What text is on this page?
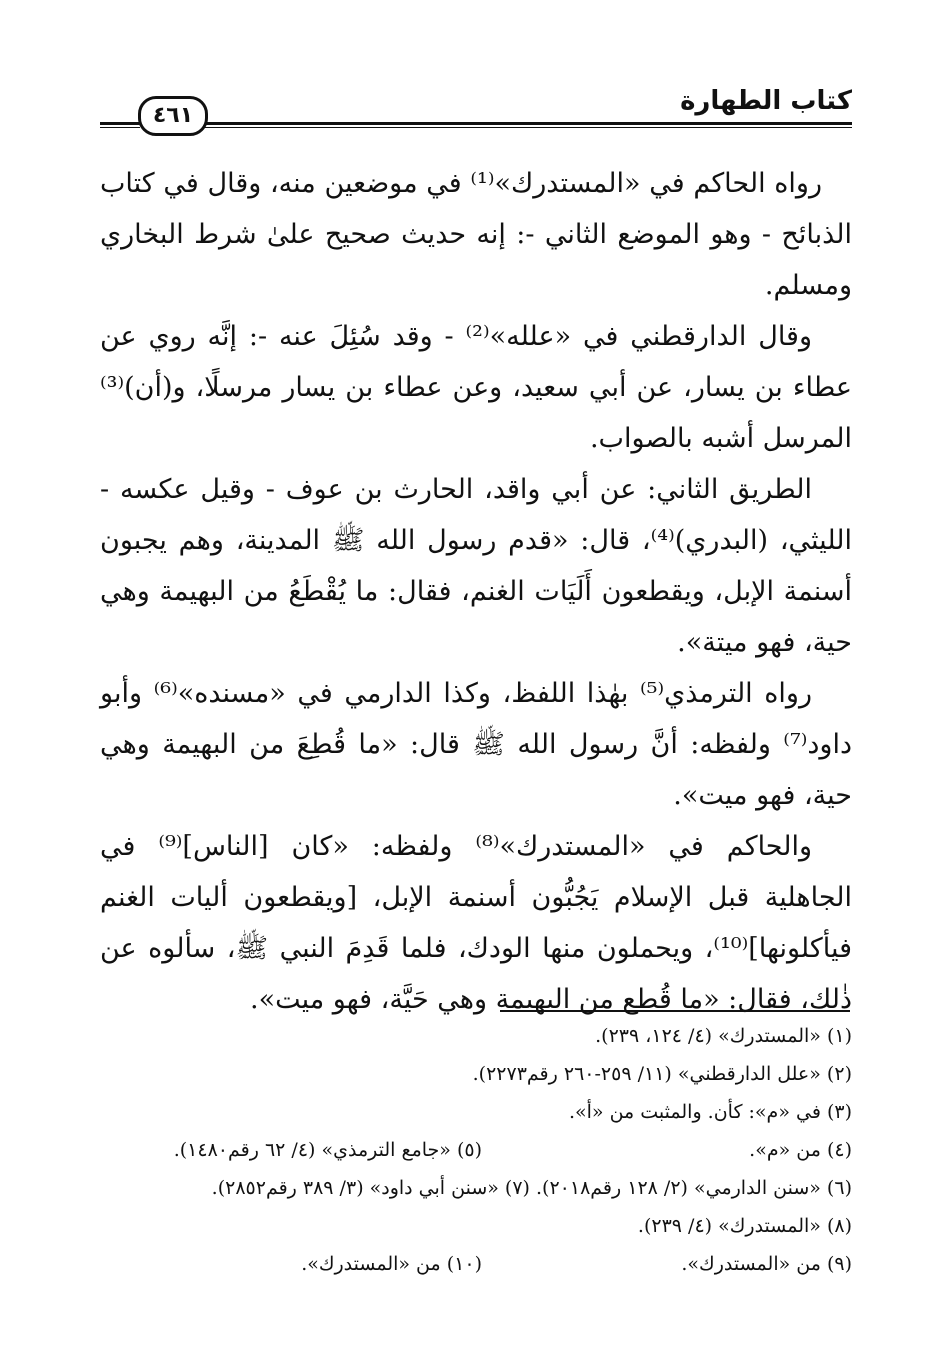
كتاب الطهارة
٤٦١

رواه الحاكم في «المستدرك»⁽¹⁾ في موضعين منه، وقال في كتاب الذبائح - وهو الموضع الثاني -: إنه حديث صحيح علىٰ شرط البخاري ومسلم.

وقال الدارقطني في «علله»⁽²⁾ - وقد سُئِلَ عنه -: إنَّه روي عن عطاء بن يسار، عن أبي سعيد، وعن عطاء بن يسار مرسلًا، و(أن)⁽³⁾ المرسل أشبه بالصواب.

الطريق الثاني: عن أبي واقد، الحارث بن عوف - وقيل عكسه - الليثي، (البدري)⁽⁴⁾، قال: «قدم رسول الله ﷺ المدينة، وهم يجبون أسنمة الإبل، ويقطعون أَلَيَات الغنم، فقال: ما يُقْطَعُ من البهيمة وهي حية، فهو ميتة».

رواه الترمذي⁽⁵⁾ بهٰذا اللفظ، وكذا الدارمي في «مسنده»⁽⁶⁾ وأبو داود⁽⁷⁾ ولفظه: أنَّ رسول الله ﷺ قال: «ما قُطِعَ من البهيمة وهي حية، فهو ميت».

والحاكم في «المستدرك»⁽⁸⁾ ولفظه: «كان [الناس]⁽⁹⁾ في الجاهلية قبل الإسلام يَجُبُّون أسنمة الإبل، [ويقطعون أليات الغنم فيأكلونها]⁽¹⁰⁾، ويحملون منها الودك، فلما قَدِمَ النبي ﷺ، سألوه عن ذٰلك، فقال: «ما قُطع من البهيمة وهي حَيَّة، فهو ميت».

(١) «المستدرك» (٤/ ١٢٤، ٢٣٩).
(٢) «علل الدارقطني» (١١/ ٢٥٩-٢٦٠ رقم٢٢٧٣).
(٣) في «م»: كأن. والمثبت من «أ».
(٤) من «م».
(٥) «جامع الترمذي» (٤/ ٦٢ رقم١٤٨٠).
(٦) «سنن الدارمي» (٢/ ١٢٨ رقم٢٠١٨). (٧) «سنن أبي داود» (٣/ ٣٨٩ رقم٢٨٥٢).
(٨) «المستدرك» (٤/ ٢٣٩).
(٩) من «المستدرك».
(١٠) من «المستدرك».
